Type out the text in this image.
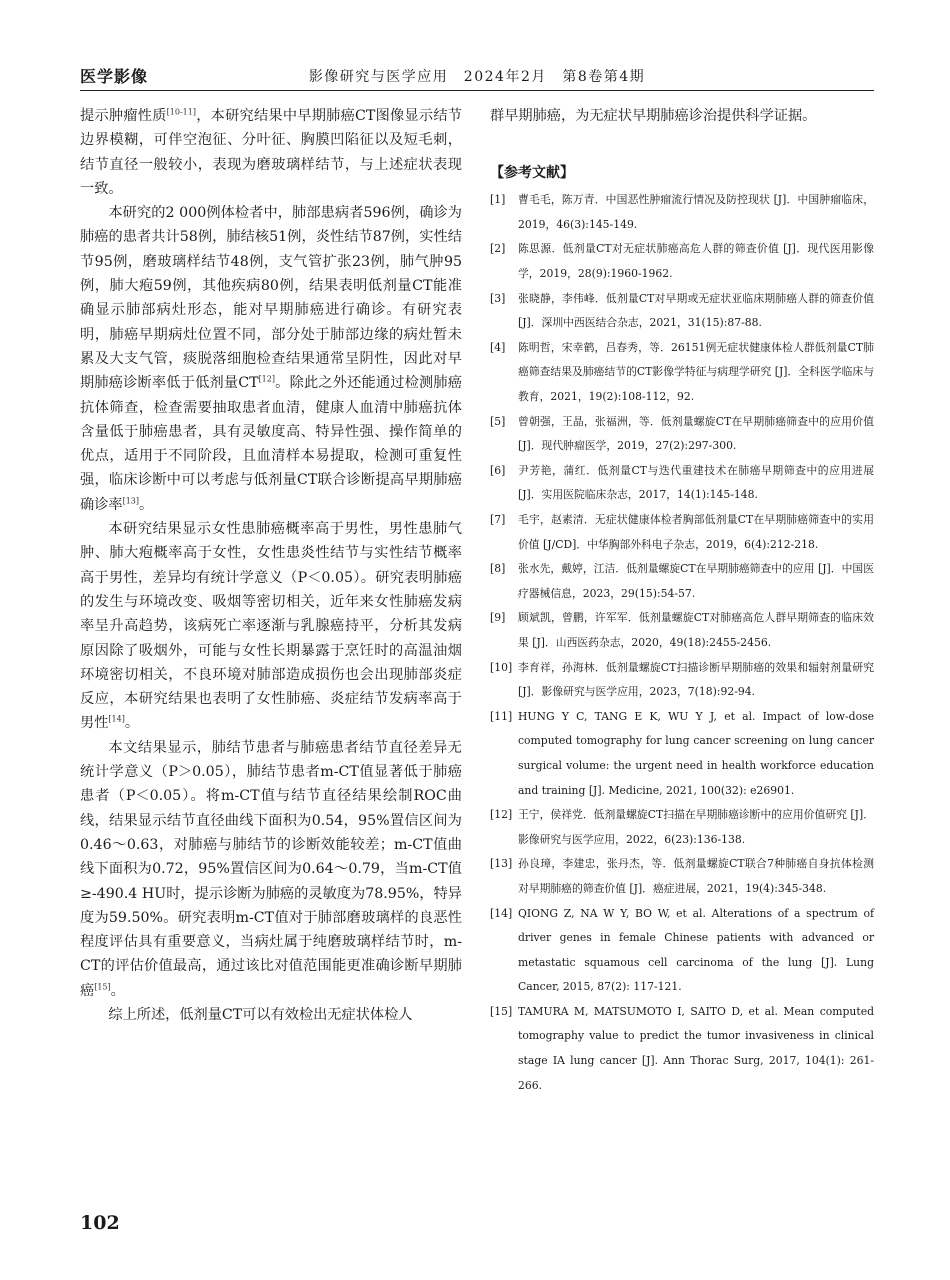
医学影像	影像研究与医学应用　2024年2月　第8卷第4期

提示肿瘤性质[10-11]，本研究结果中早期肺癌CT图像显示结节边界模糊，可伴空泡征、分叶征、胸膜凹陷征以及短毛刺，结节直径一般较小，表现为磨玻璃样结节，与上述症状表现一致。

本研究的2 000例体检者中，肺部患病者596例，确诊为肺癌的患者共计58例，肺结核51例，炎性结节87例，实性结节95例，磨玻璃样结节48例，支气管扩张23例，肺气肿95例，肺大疱59例，其他疾病80例，结果表明低剂量CT能准确显示肺部病灶形态，能对早期肺癌进行确诊。有研究表明，肺癌早期病灶位置不同，部分处于肺部边缘的病灶暂未累及大支气管，痰脱落细胞检查结果通常呈阴性，因此对早期肺癌诊断率低于低剂量CT[12]。除此之外还能通过检测肺癌抗体筛查，检查需要抽取患者血清，健康人血清中肺癌抗体含量低于肺癌患者，具有灵敏度高、特异性强、操作简单的优点，适用于不同阶段，且血清样本易提取，检测可重复性强，临床诊断中可以考虑与低剂量CT联合诊断提高早期肺癌确诊率[13]。

本研究结果显示女性患肺癌概率高于男性，男性患肺气肿、肺大疱概率高于女性，女性患炎性结节与实性结节概率高于男性，差异均有统计学意义（P＜0.05）。研究表明肺癌的发生与环境改变、吸烟等密切相关，近年来女性肺癌发病率呈升高趋势，该病死亡率逐渐与乳腺癌持平，分析其发病原因除了吸烟外，可能与女性长期暴露于烹饪时的高温油烟环境密切相关，不良环境对肺部造成损伤也会出现肺部炎症反应，本研究结果也表明了女性肺癌、炎症结节发病率高于男性[14]。

本文结果显示，肺结节患者与肺癌患者结节直径差异无统计学意义（P＞0.05），肺结节患者m-CT值显著低于肺癌患者（P＜0.05）。将m-CT值与结节直径结果绘制ROC曲线，结果显示结节直径曲线下面积为0.54，95%置信区间为0.46～0.63，对肺癌与肺结节的诊断效能较差；m-CT值曲线下面积为0.72，95%置信区间为0.64～0.79，当m-CT值≥-490.4 HU时，提示诊断为肺癌的灵敏度为78.95%，特异度为59.50%。研究表明m-CT值对于肺部磨玻璃样的良恶性程度评估具有重要意义，当病灶属于纯磨玻璃样结节时，m-CT的评估价值最高，通过该比对值范围能更准确诊断早期肺癌[15]。

综上所述，低剂量CT可以有效检出无症状体检人

群早期肺癌，为无症状早期肺癌诊治提供科学证据。

【参考文献】
[1]	曹毛毛，陈万青．中国恶性肿瘤流行情况及防控现状 [J]．中国肿瘤临床，2019，46(3):145-149.
[2]	陈思源．低剂量CT对无症状肺癌高危人群的筛查价值 [J]．现代医用影像学，2019，28(9):1960-1962.
[3]	张晓静，李伟峰．低剂量CT对早期或无症状亚临床期肺癌人群的筛查价值 [J]．深圳中西医结合杂志，2021，31(15):87-88.
[4]	陈明哲，宋幸鹤，吕春秀，等．26151例无症状健康体检人群低剂量CT肺癌筛查结果及肺癌结节的CT影像学特征与病理学研究 [J]．全科医学临床与教育，2021，19(2):108-112，92.
[5]	曾朝强，王晶，张福洲，等．低剂量螺旋CT在早期肺癌筛查中的应用价值 [J]．现代肿瘤医学，2019，27(2):297-300.
[6]	尹芳艳，蒲红．低剂量CT与迭代重建技术在肺癌早期筛查中的应用进展 [J]．实用医院临床杂志，2017，14(1):145-148.
[7]	毛宇，赵素清．无症状健康体检者胸部低剂量CT在早期肺癌筛查中的实用价值 [J/CD]．中华胸部外科电子杂志，2019，6(4):212-218.
[8]	张水先，戴婷，江洁．低剂量螺旋CT在早期肺癌筛查中的应用 [J]．中国医疗器械信息，2023，29(15):54-57.
[9]	顾斌凯，曾鹏，许军军．低剂量螺旋CT对肺癌高危人群早期筛查的临床效果 [J]．山西医药杂志，2020，49(18):2455-2456.
[10] 李育祥，孙海林．低剂量螺旋CT扫描诊断早期肺癌的效果和辐射剂量研究 [J]．影像研究与医学应用，2023，7(18):92-94.
[11] HUNG Y C, TANG E K, WU Y J, et al. Impact of low-dose computed tomography for lung cancer screening on lung cancer surgical volume: the urgent need in health workforce education and training [J]. Medicine, 2021, 100(32): e26901.
[12] 王宁，侯祥党．低剂量螺旋CT扫描在早期肺癌诊断中的应用价值研究 [J]．影像研究与医学应用，2022，6(23):136-138.
[13] 孙良璋，李建忠，张丹杰，等．低剂量螺旋CT联合7种肺癌自身抗体检测对早期肺癌的筛查价值 [J]．癌症进展，2021，19(4):345-348.
[14] QIONG Z, NA W Y, BO W, et al. Alterations of a spectrum of driver genes in female Chinese patients with advanced or metastatic squamous cell carcinoma of the lung [J]. Lung Cancer, 2015, 87(2): 117-121.
[15] TAMURA M, MATSUMOTO I, SAITO D, et al. Mean computed tomography value to predict the tumor invasiveness in clinical stage IA lung cancer [J]. Ann Thorac Surg, 2017, 104(1): 261-266.
102
